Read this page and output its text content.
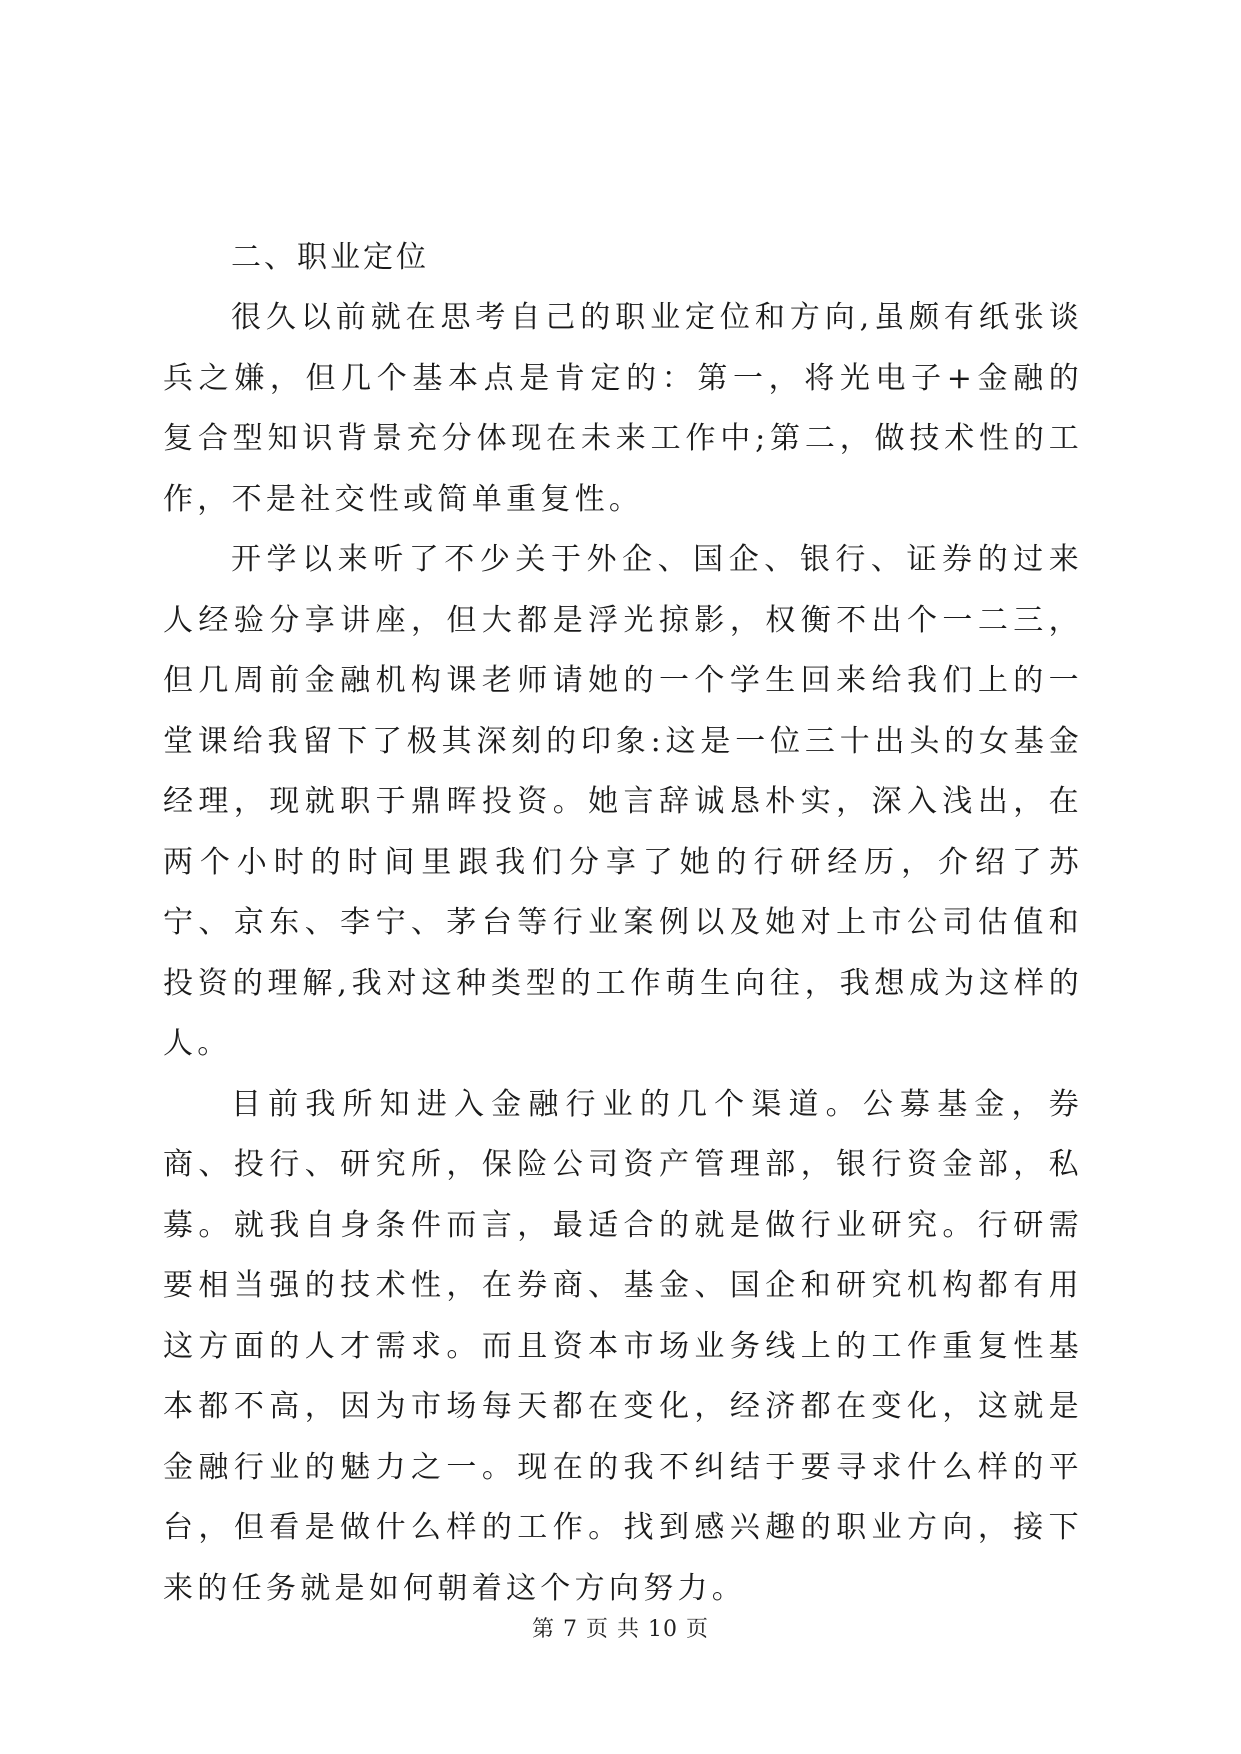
二、职业定位

很久以前就在思考自己的职业定位和方向,虽颇有纸张谈兵之嫌，但几个基本点是肯定的：第一，将光电子+金融的复合型知识背景充分体现在未来工作中;第二，做技术性的工作，不是社交性或简单重复性。

开学以来听了不少关于外企、国企、银行、证券的过来人经验分享讲座，但大都是浮光掠影，权衡不出个一二三，但几周前金融机构课老师请她的一个学生回来给我们上的一堂课给我留下了极其深刻的印象:这是一位三十出头的女基金经理，现就职于鼎晖投资。她言辞诚恳朴实，深入浅出，在两个小时的时间里跟我们分享了她的行研经历，介绍了苏宁、京东、李宁、茅台等行业案例以及她对上市公司估值和投资的理解,我对这种类型的工作萌生向往，我想成为这样的人。

目前我所知进入金融行业的几个渠道。公募基金，券商、投行、研究所，保险公司资产管理部，银行资金部，私募。就我自身条件而言，最适合的就是做行业研究。行研需要相当强的技术性，在券商、基金、国企和研究机构都有用这方面的人才需求。而且资本市场业务线上的工作重复性基本都不高，因为市场每天都在变化，经济都在变化，这就是金融行业的魅力之一。现在的我不纠结于要寻求什么样的平台，但看是做什么样的工作。找到感兴趣的职业方向，接下来的任务就是如何朝着这个方向努力。

第 7 页 共 10 页
